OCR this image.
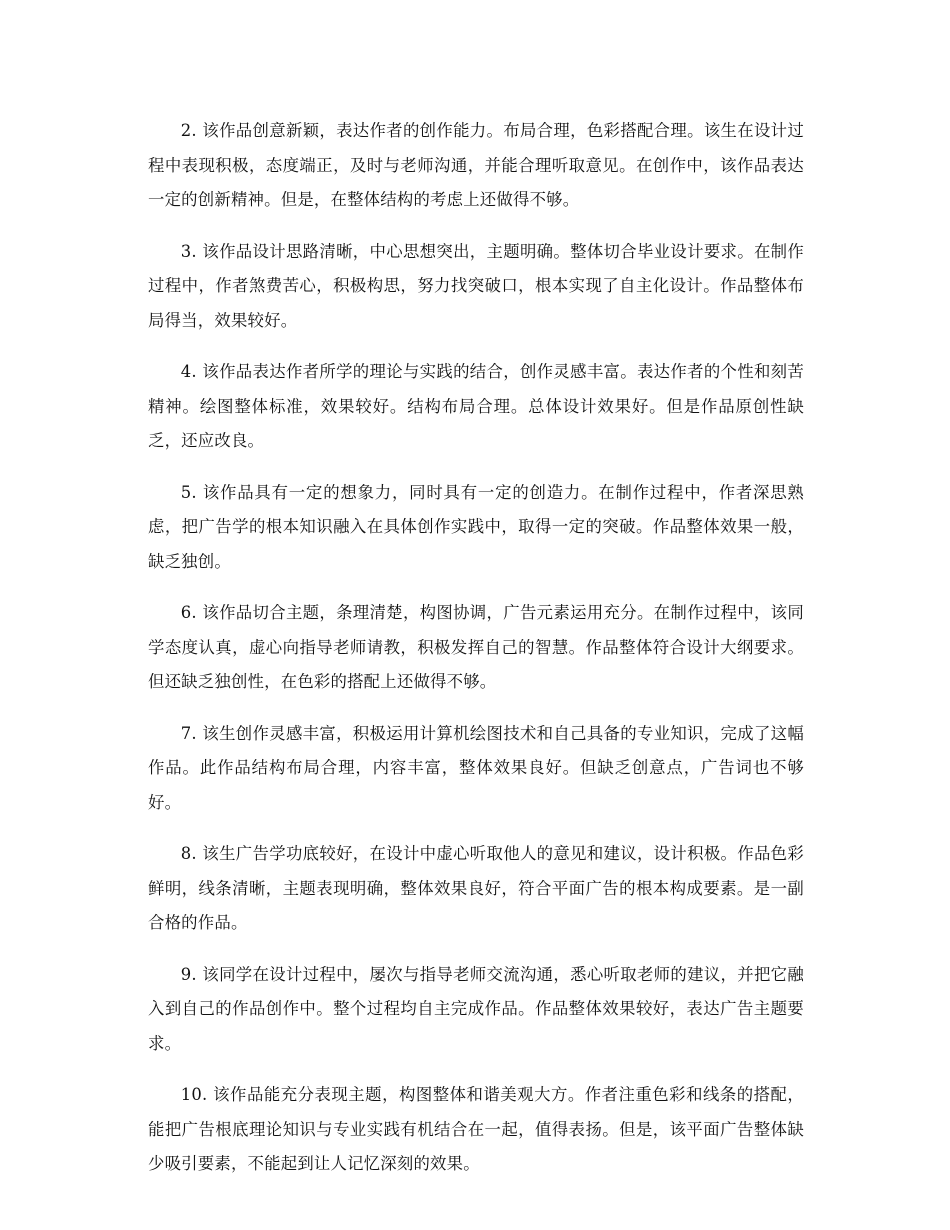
2. 该作品创意新颖，表达作者的创作能力。布局合理，色彩搭配合理。该生在设计过程中表现积极，态度端正，及时与老师沟通，并能合理听取意见。在创作中，该作品表达一定的创新精神。但是，在整体结构的考虑上还做得不够。

3. 该作品设计思路清晰，中心思想突出，主题明确。整体切合毕业设计要求。在制作过程中，作者煞费苦心，积极构思，努力找突破口，根本实现了自主化设计。作品整体布局得当，效果较好。

4. 该作品表达作者所学的理论与实践的结合，创作灵感丰富。表达作者的个性和刻苦精神。绘图整体标准，效果较好。结构布局合理。总体设计效果好。但是作品原创性缺乏，还应改良。

5. 该作品具有一定的想象力，同时具有一定的创造力。在制作过程中，作者深思熟虑，把广告学的根本知识融入在具体创作实践中，取得一定的突破。作品整体效果一般，缺乏独创。

6. 该作品切合主题，条理清楚，构图协调，广告元素运用充分。在制作过程中，该同学态度认真，虚心向指导老师请教，积极发挥自己的智慧。作品整体符合设计大纲要求。但还缺乏独创性，在色彩的搭配上还做得不够。

7. 该生创作灵感丰富，积极运用计算机绘图技术和自己具备的专业知识，完成了这幅作品。此作品结构布局合理，内容丰富，整体效果良好。但缺乏创意点，广告词也不够好。

8. 该生广告学功底较好，在设计中虚心听取他人的意见和建议，设计积极。作品色彩鲜明，线条清晰，主题表现明确，整体效果良好，符合平面广告的根本构成要素。是一副合格的作品。

9. 该同学在设计过程中，屡次与指导老师交流沟通，悉心听取老师的建议，并把它融入到自己的作品创作中。整个过程均自主完成作品。作品整体效果较好，表达广告主题要求。

10. 该作品能充分表现主题，构图整体和谐美观大方。作者注重色彩和线条的搭配，能把广告根底理论知识与专业实践有机结合在一起，值得表扬。但是，该平面广告整体缺少吸引要素，不能起到让人记忆深刻的效果。
